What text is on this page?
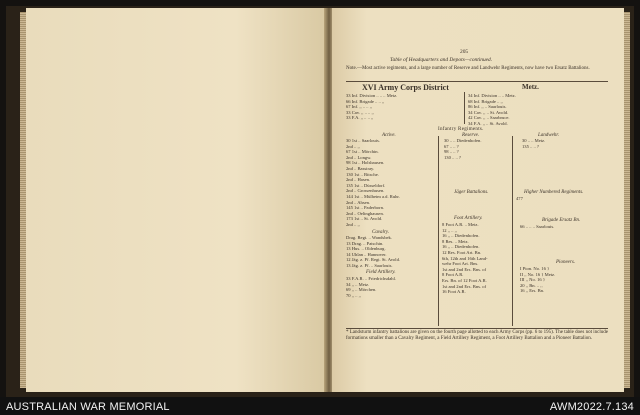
205
Table of Headquarters and Depots—continued.
Note.—Most active regiments, and a large number of Reserve and Landwehr Regiments, now have two Ersatz Battalions.
XVI Army Corps District	Metz.
33 Inf. Division .. .. .. Metz.
66 Inf. Brigade .. .. ,,
67 Inf. ,, .. .. ,,
33 Cav. ,, .. .. ,,
33 F.A. ,, .. .. ,,
34 Inf. Division .. .. Metz.
68 Inf. Brigade .. ,,
86 Inf. ,, .. Saarlouis.
34 Cav. ,, .. St. Avold.
42 Cav. ,, .. Saarbruce.
34 F.A. ,, .. St. Avold.
Infantry Regiments.
Active.
30 1st .. Saarlouis.
2nd .. ,,
67 1st .. Mörchin.
2nd .. Longw.
98 1st .. Holsbausen.
2nd .. Bassiray.
130 1st .. Bitsche.
2nd .. Hasen.
135 1st .. Düsseldorf.
2nd .. Grossenhusen.
144 1st .. Mülheim a.d. Ruhr.
2nd .. Ahsen.
145 1st .. Paderborn.
2nd .. Oelinghausen.
173 1st .. St. Avold.
2nd .. ,,
Reserve.
30 .. .. Diedenhofen.
67 .. .. ?
98 .. .. ?
130 .. .. ?
Landwehr.
30 .. .. Metz.
135 .. .. ?
Cavalry.
Drag. Regt. .. Wandsbek.
13 Drag. .. Patschin.
13 Hus. .. Oldenburg.
14 Uhlan .. Hannover.
12 Jäg. z. Pf. Regt. St. Avold.
13 Jäg. z. Pf. .. Saarlouis.
Field Artillery.
33 F.A.R. .. Friedrichsdahl.
34 ,, .. Metz.
69 ,, .. Mörchen.
70 ,, .. ,,
Jäger Battalions.
Foot Artillery.
8 Foot A.R. .. Metz.
12 ,, .. ,,
16 ,, .. Diedenhofen.
8 Res. .. Metz.
16 ,, .. Diedenhofen.
12 Res. Foot Art. Bn.
6th, 12th and 16th Land-
wehr Foot Art. Bns.
1st and 2nd Ers. Bns. of
8 Foot A.R.
Ers. Bn. of 12 Foot A.R.
1st and 2nd Ers. Bns. of
16 Foot A.R.
Higher Numbered Regiments.
477
Brigade Ersatz Bn.
66 .. .. .. Saarlouis.
Pioneers.
I Pion. No. 16 }
II ,, No. 16 } Metz.
III ,, No. 16 }
20 ,, Bn. .. ,,
16 ,, Ers. Bn.
* Landsturm infantry battalions are given on the fourth page allotted to each Army Corps (pp. 6 to 195). The table does not include formations smaller than a Cavalry Regiment, a Field Artillery Regiment, a Foot Artillery Battalion and a Pioneer Battalion.
AUSTRALIAN WAR MEMORIAL	AWM2022.7.134
